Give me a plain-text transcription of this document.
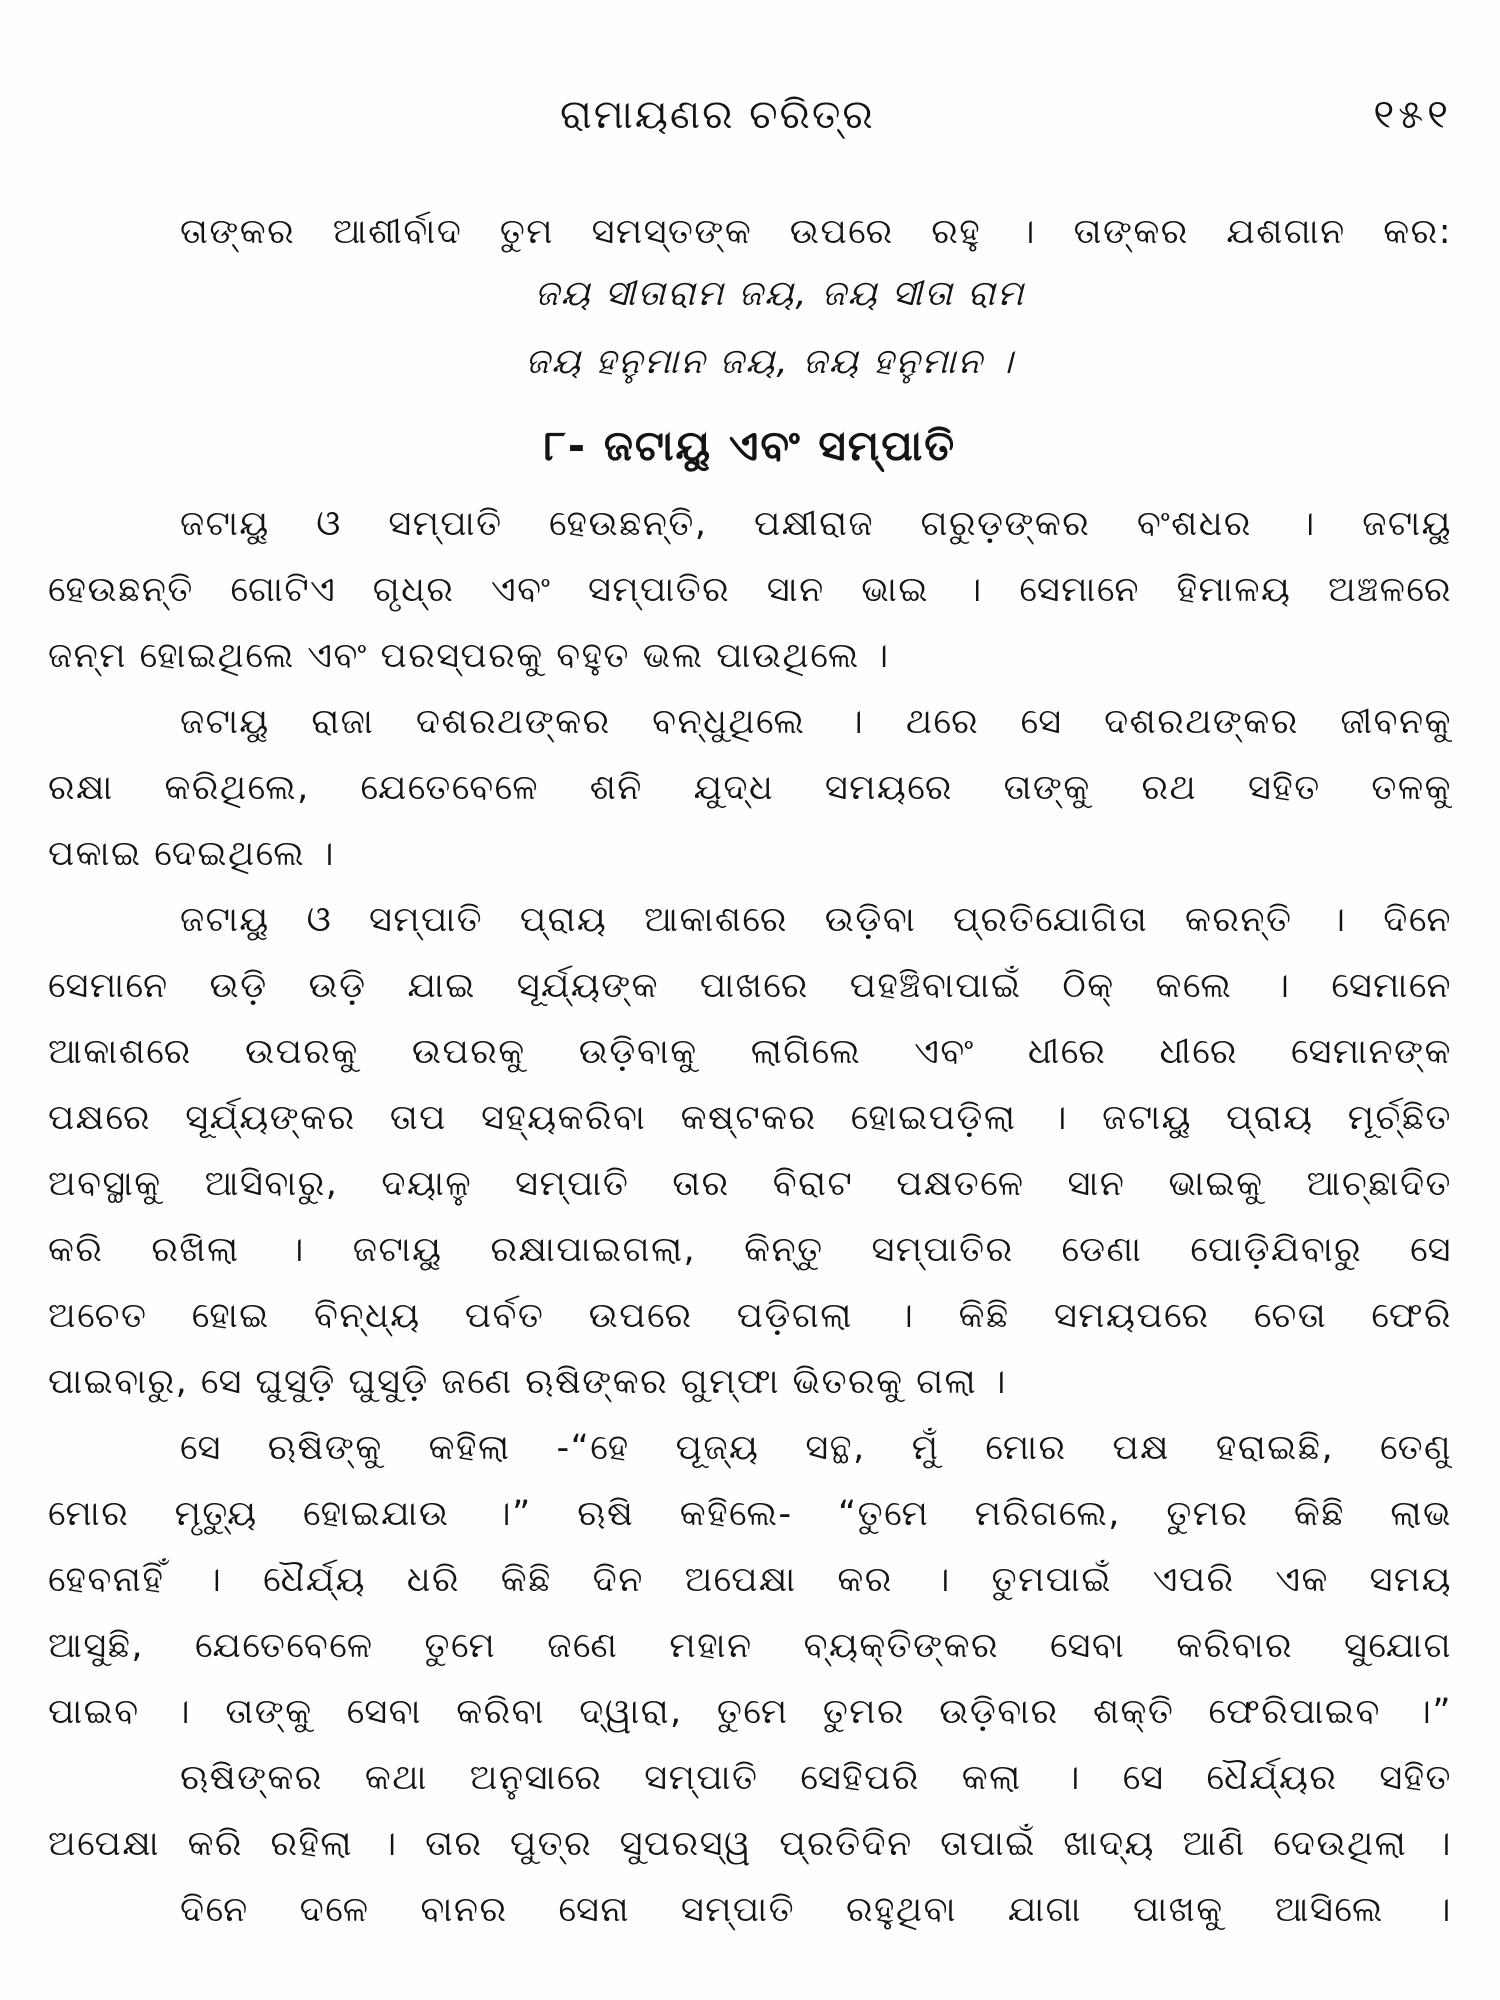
ରାମାୟଣର ଚରିତ୍ର	୧୫୧
ତାଙ୍କର ଆଶୀର୍ବାଦ ତୁମ ସମସ୍ତଙ୍କ ଉପରେ ରହୁ । ତାଙ୍କର ଯଶଗାନ କର:
ଜୟ ସୀତାରାମ ଜୟ, ଜୟ ସୀତା ରାମ
ଜୟ ହନୁମାନ ଜୟ, ଜୟ ହନୁମାନ ।
୮- ଜଟାୟୁ ଏବଂ ସମ୍ପାତି
ଜଟାୟୁ ଓ ସମ୍ପାତି ହେଉଛନ୍ତି, ପକ୍ଷୀରାଜ ଗରୁଡ଼ଙ୍କର ବଂଶଧର । ଜଟାୟୁ
ହେଉଛନ୍ତି ଗୋଟିଏ ଗୃଧ୍ର ଏବଂ ସମ୍ପାତିର ସାନ ଭାଇ । ସେମାନେ ହିମାଳୟ ଅଞ୍ଚଳରେ
ଜନ୍ମ ହୋଇଥିଲେ ଏବଂ ପରସ୍ପରକୁ ବହୁତ ଭଲ ପାଉଥିଲେ ।
ଜଟାୟୁ ରାଜା ଦଶରଥଙ୍କର ବନ୍ଧୁଥିଲେ । ଥରେ ସେ ଦଶରଥଙ୍କର ଜୀବନକୁ
ରକ୍ଷା କରିଥିଲେ, ଯେତେବେଳେ ଶନି ଯୁଦ୍ଧ ସମୟରେ ତାଙ୍କୁ ରଥ ସହିତ ତଳକୁ
ପକାଇ ଦେଇଥିଲେ ।
ଜଟାୟୁ ଓ ସମ୍ପାତି ପ୍ରାୟ ଆକାଶରେ ଉଡ଼ିବା ପ୍ରତିଯୋଗିତା କରନ୍ତି । ଦିନେ
ସେମାନେ ଉଡ଼ି ଉଡ଼ି ଯାଇ ସୂର୍ଯ୍ୟଙ୍କ ପାଖରେ ପହଞ୍ଚିବାପାଇଁ ଠିକ୍ କଲେ । ସେମାନେ
ଆକାଶରେ ଉପରକୁ ଉପରକୁ ଉଡ଼ିବାକୁ ଲାଗିଲେ ଏବଂ ଧୀରେ ଧୀରେ ସେମାନଙ୍କ
ପକ୍ଷରେ ସୂର୍ଯ୍ୟଙ୍କର ତାପ ସହ୍ୟକରିବା କଷ୍ଟକର ହୋଇପଡ଼ିଲା । ଜଟାୟୁ ପ୍ରାୟ ମୂର୍ଚ୍ଛିତ
ଅବସ୍ଥାକୁ ଆସିବାରୁ, ଦୟାଳୁ ସମ୍ପାତି ତାର ବିରାଟ ପକ୍ଷତଳେ ସାନ ଭାଇକୁ ଆଚ୍ଛାଦିତ
କରି ରଖିଲା । ଜଟାୟୁ ରକ୍ଷାପାଇଗଲା, କିନ୍ତୁ ସମ୍ପାତିର ଡେଣା ପୋଡ଼ିଯିବାରୁ ସେ
ଅଚେତ ହୋଇ ବିନ୍ଧ୍ୟ ପର୍ବତ ଉପରେ ପଡ଼ିଗଲା । କିଛି ସମୟପରେ ଚେତା ଫେରି
ପାଇବାରୁ, ସେ ଘୁସୁଡ଼ି ଘୁସୁଡ଼ି ଜଣେ ଋଷିଙ୍କର ଗୁମ୍ଫା ଭିତରକୁ ଗଲା ।
ସେ ଋଷିଙ୍କୁ କହିଲା -“ହେ ପୂଜ୍ୟ ସନ୍ଥ, ମୁଁ ମୋର ପକ୍ଷ ହରାଇଛି, ତେଣୁ
ମୋର ମୃତ୍ୟୁ ହୋଇଯାଉ ।” ଋଷି କହିଲେ- “ତୁମେ ମରିଗଲେ, ତୁମର କିଛି ଲାଭ
ହେବନାହିଁ । ଧୈର୍ଯ୍ୟ ଧରି କିଛି ଦିନ ଅପେକ୍ଷା କର । ତୁମପାଇଁ ଏପରି ଏକ ସମୟ
ଆସୁଛି, ଯେତେବେଳେ ତୁମେ ଜଣେ ମହାନ ବ୍ୟକ୍ତିଙ୍କର ସେବା କରିବାର ସୁଯୋଗ
ପାଇବ । ତାଙ୍କୁ ସେବା କରିବା ଦ୍ୱାରା, ତୁମେ ତୁମର ଉଡ଼ିବାର ଶକ୍ତି ଫେରିପାଇବ ।”
ଋଷିଙ୍କର କଥା ଅନୁସାରେ ସମ୍ପାତି ସେହିପରି କଲା । ସେ ଧୈର୍ଯ୍ୟର ସହିତ
ଅପେକ୍ଷା କରି ରହିଲା । ତାର ପୁତ୍ର ସୁପରସ୍ୱ ପ୍ରତିଦିନ ତାପାଇଁ ଖାଦ୍ୟ ଆଣି ଦେଉଥିଲା ।
ଦିନେ ଦଳେ ବାନର ସେନା ସମ୍ପାତି ରହୁଥିବା ଯାଗା ପାଖକୁ ଆସିଲେ ।
